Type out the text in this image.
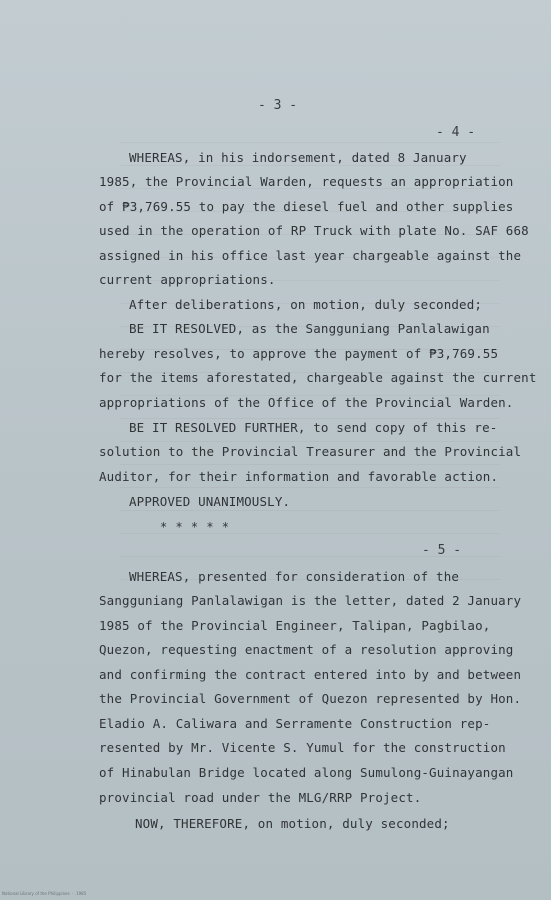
- 3 -
- 4 -
WHEREAS, in his indorsement, dated 8 January
1985, the Provincial Warden, requests an appropriation
of ₱3,769.55 to pay the diesel fuel and other supplies
used in the operation of RP Truck with plate No. SAF 668
assigned in his office last year chargeable against the
current appropriations.
After deliberations, on motion, duly seconded;
BE IT RESOLVED, as the Sangguniang Panlalawigan
hereby resolves, to approve the payment of ₱3,769.55
for the items aforestated, chargeable against the current
appropriations of the Office of the Provincial Warden.
BE IT RESOLVED FURTHER, to send copy of this re-
solution to the Provincial Treasurer and the Provincial
Auditor, for their information and favorable action.
APPROVED UNANIMOUSLY.
* * * * *
- 5 -
WHEREAS, presented for consideration of the
Sangguniang Panlalawigan is the letter, dated 2 January
1985 of the Provincial Engineer, Talipan, Pagbilao,
Quezon, requesting enactment of a resolution approving
and confirming the contract entered into by and between
the Provincial Government of Quezon represented by Hon.
Eladio A. Caliwara and Serramente Construction rep-
resented by Mr. Vicente S. Yumul for the construction
of Hinabulan Bridge located along Sumulong-Guinayangan
provincial road under the MLG/RRP Project.
NOW, THEREFORE, on motion, duly seconded;
National Library of the Philippines  ·  1985
